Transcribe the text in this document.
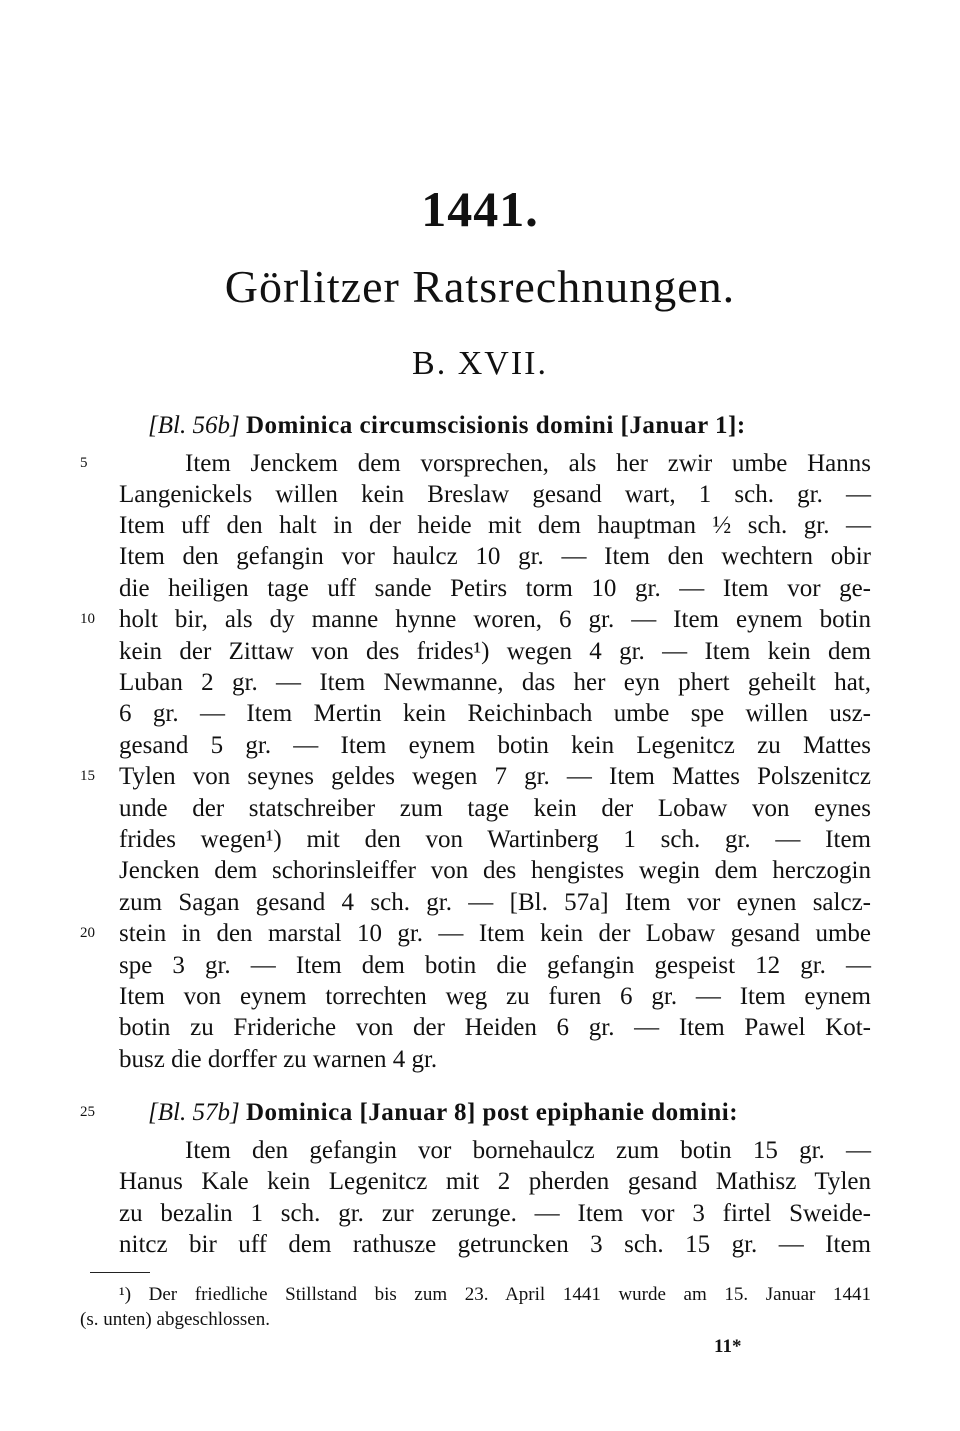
1441.
Görlitzer Ratsrechnungen.
B. XVII.
[Bl. 56b] Dominica circumscisionis domini [Januar 1]:
Item Jenckem dem vorsprechen, als her zwir umbe Hanns
Langenickels willen kein Breslaw gesand wart, 1 sch. gr. —
Item uff den halt in der heide mit dem hauptman ½ sch. gr. —
Item den gefangin vor haulcz 10 gr. — Item den wechtern obir
die heiligen tage uff sande Petirs torm 10 gr. — Item vor ge-
holt bir, als dy manne hynne woren, 6 gr. — Item eynem botin
kein der Zittaw von des frides¹) wegen 4 gr. — Item kein dem
Luban 2 gr. — Item Newmanne, das her eyn phert geheilt hat,
6 gr. — Item Mertin kein Reichinbach umbe spe willen usz-
gesand 5 gr. — Item eynem botin kein Legenitcz zu Mattes
Tylen von seynes geldes wegen 7 gr. — Item Mattes Polszenitcz
unde der statschreiber zum tage kein der Lobaw von eynes
frides wegen¹) mit den von Wartinberg 1 sch. gr. — Item
Jencken dem schorinsleiffer von des hengistes wegin dem herczogin
zum Sagan gesand 4 sch. gr. — [Bl. 57a] Item vor eynen salcz-
stein in den marstal 10 gr. — Item kein der Lobaw gesand umbe
spe 3 gr. — Item dem botin die gefangin gespeist 12 gr. —
Item von eynem torrechten weg zu furen 6 gr. — Item eynem
botin zu Frideriche von der Heiden 6 gr. — Item Pawel Kot-
busz die dorffer zu warnen 4 gr.
[Bl. 57b] Dominica [Januar 8] post epiphanie domini:
Item den gefangin vor bornehaulcz zum botin 15 gr. —
Hanus Kale kein Legenitcz mit 2 pherden gesand Mathisz Tylen
zu bezalin 1 sch. gr. zur zerunge. — Item vor 3 firtel Sweide-
nitcz bir uff dem rathusze getruncken 3 sch. 15 gr. — Item
5
10
15
20
25
¹) Der friedliche Stillstand bis zum 23. April 1441 wurde am 15. Januar 1441
(s. unten) abgeschlossen.
11*
